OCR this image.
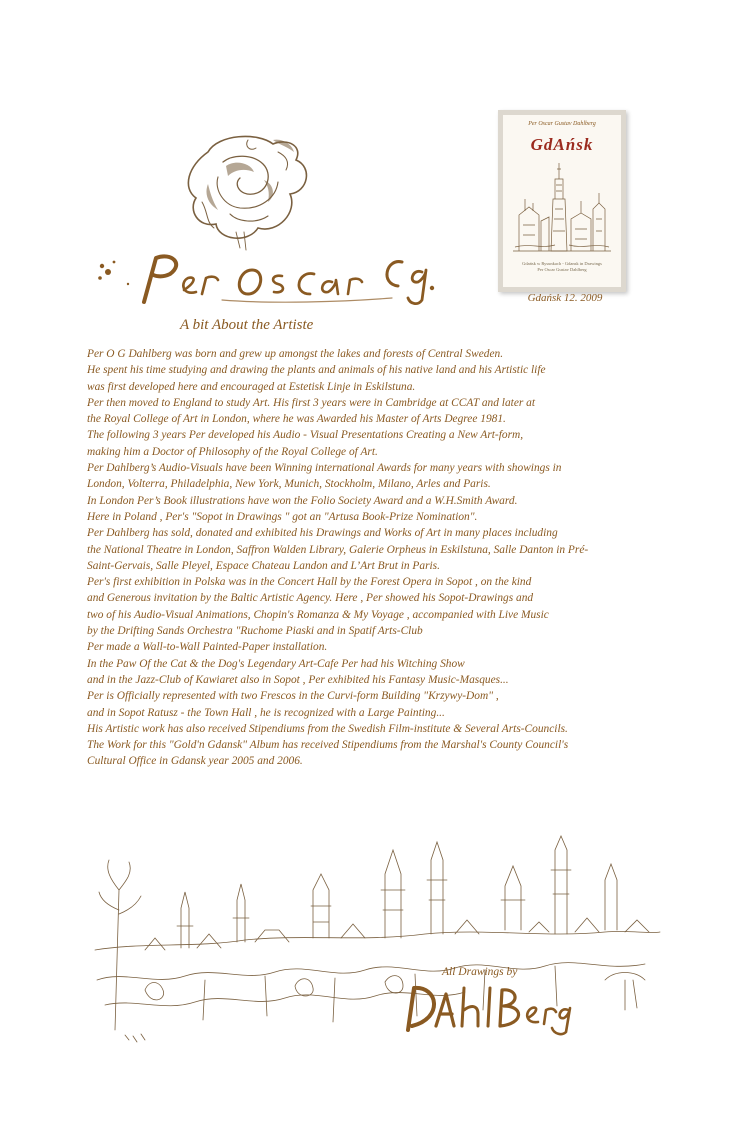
A bit About the Artiste
Per Oscar Gustav Dahlberg
GdAńsk
Gdańsk w Rysunkach - Gdansk in Drawings
Per Oscar Gustav Dahlberg
Gdańsk 12. 2009
Per O G Dahlberg was born and grew up amongst the lakes and forests of Central Sweden.
He spent his time studying and drawing the plants and animals of his native land and his Artistic life
was first developed here and encouraged at Estetisk Linje in Eskilstuna.
Per then moved to England to study Art. His first 3 years were in Cambridge at CCAT and later at
the Royal College of Art in London, where he was Awarded his Master of Arts Degree 1981.
The following 3 years Per developed his Audio - Visual Presentations Creating a New Art-form,
making him a Doctor of Philosophy of the Royal College of Art.
Per Dahlberg’s Audio-Visuals have been Winning international Awards for many years with showings in
London, Volterra, Philadelphia, New York, Munich, Stockholm, Milano, Arles and Paris.
In London Per’s Book illustrations have won the Folio Society Award and a W.H.Smith Award.
Here in Poland , Per's "Sopot in Drawings " got an "Artusa Book-Prize Nomination".
Per Dahlberg has sold, donated and exhibited his Drawings and Works of Art in many places including
the National Theatre in London, Saffron Walden Library, Galerie Orpheus in Eskilstuna, Salle Danton in Pré-
Saint-Gervais, Salle Pleyel, Espace Chateau Landon and L’Art Brut in Paris.
Per's first exhibition in Polska was in the Concert Hall by the Forest Opera in Sopot , on the kind
and Generous invitation by the Baltic Artistic Agency. Here , Per showed his Sopot-Drawings and
two of his Audio-Visual Animations, Chopin's Romanza & My Voyage , accompanied with Live Music
by the Drifting Sands Orchestra "Ruchome Piaski and in Spatif Arts-Club
Per made a Wall-to-Wall Painted-Paper installation.
In the Paw Of the Cat & the Dog's Legendary Art-Cafe Per had his Witching Show
and in the Jazz-Club of Kawiaret also in Sopot , Per exhibited his Fantasy Music-Masques...
Per is Officially represented with two Frescos in the Curvi-form Building "Krzywy-Dom" ,
and in Sopot Ratusz - the Town Hall , he is recognized with a Large Painting...
His Artistic work has also received Stipendiums from the Swedish Film-institute & Several Arts-Councils.
The Work for this "Gold'n Gdansk" Album has received Stipendiums from the Marshal's County Council's
Cultural Office in Gdansk year 2005 and 2006.
All Drawings by
